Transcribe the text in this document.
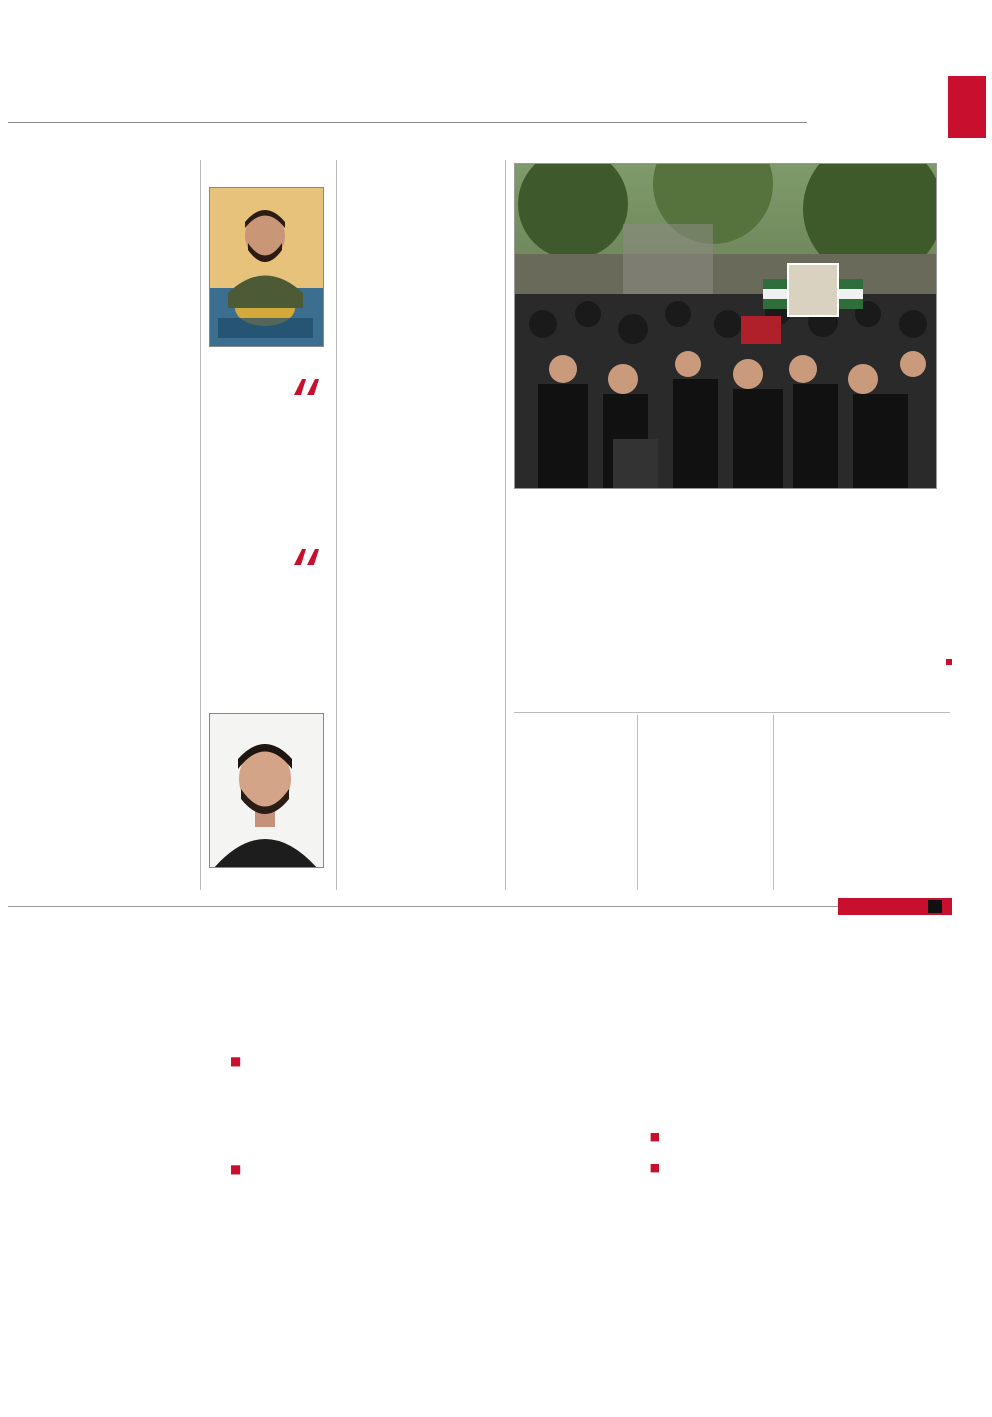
■
■
■
■
